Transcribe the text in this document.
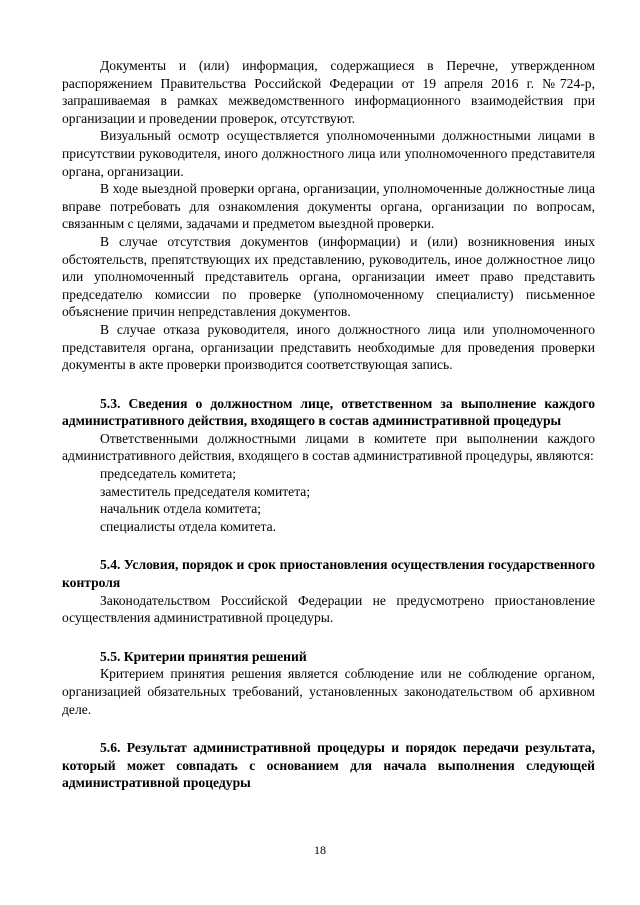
Документы и (или) информация, содержащиеся в Перечне, утвержденном распоряжением Правительства Российской Федерации от 19 апреля 2016 г. №724-р, запрашиваемая в рамках межведомственного информационного взаимодействия при организации и проведении проверок, отсутствуют.

Визуальный осмотр осуществляется уполномоченными должностными лицами в присутствии руководителя, иного должностного лица или уполномоченного представителя органа, организации.

В ходе выездной проверки органа, организации, уполномоченные должностные лица вправе потребовать для ознакомления документы органа, организации по вопросам, связанным с целями, задачами и предметом выездной проверки.

В случае отсутствия документов (информации) и (или) возникновения иных обстоятельств, препятствующих их представлению, руководитель, иное должностное лицо или уполномоченный представитель органа, организации имеет право представить председателю комиссии по проверке (уполномоченному специалисту) письменное объяснение причин непредставления документов.

В случае отказа руководителя, иного должностного лица или уполномоченного представителя органа, организации представить необходимые для проведения проверки документы в акте проверки производится соответствующая запись.

5.3. Сведения о должностном лице, ответственном за выполнение каждого административного действия, входящего в состав административной процедуры

Ответственными должностными лицами в комитете при выполнении каждого административного действия, входящего в состав административной процедуры, являются:

председатель комитета;

заместитель председателя комитета;

начальник отдела комитета;

специалисты отдела комитета.

5.4. Условия, порядок и срок приостановления осуществления государственного контроля

Законодательством Российской Федерации не предусмотрено приостановление осуществления административной процедуры.

5.5. Критерии принятия решений

Критерием принятия решения является соблюдение или не соблюдение органом, организацией обязательных требований, установленных законодательством об архивном деле.

5.6. Результат административной процедуры и порядок передачи результата, который может совпадать с основанием для начала выполнения следующей административной процедуры
18
